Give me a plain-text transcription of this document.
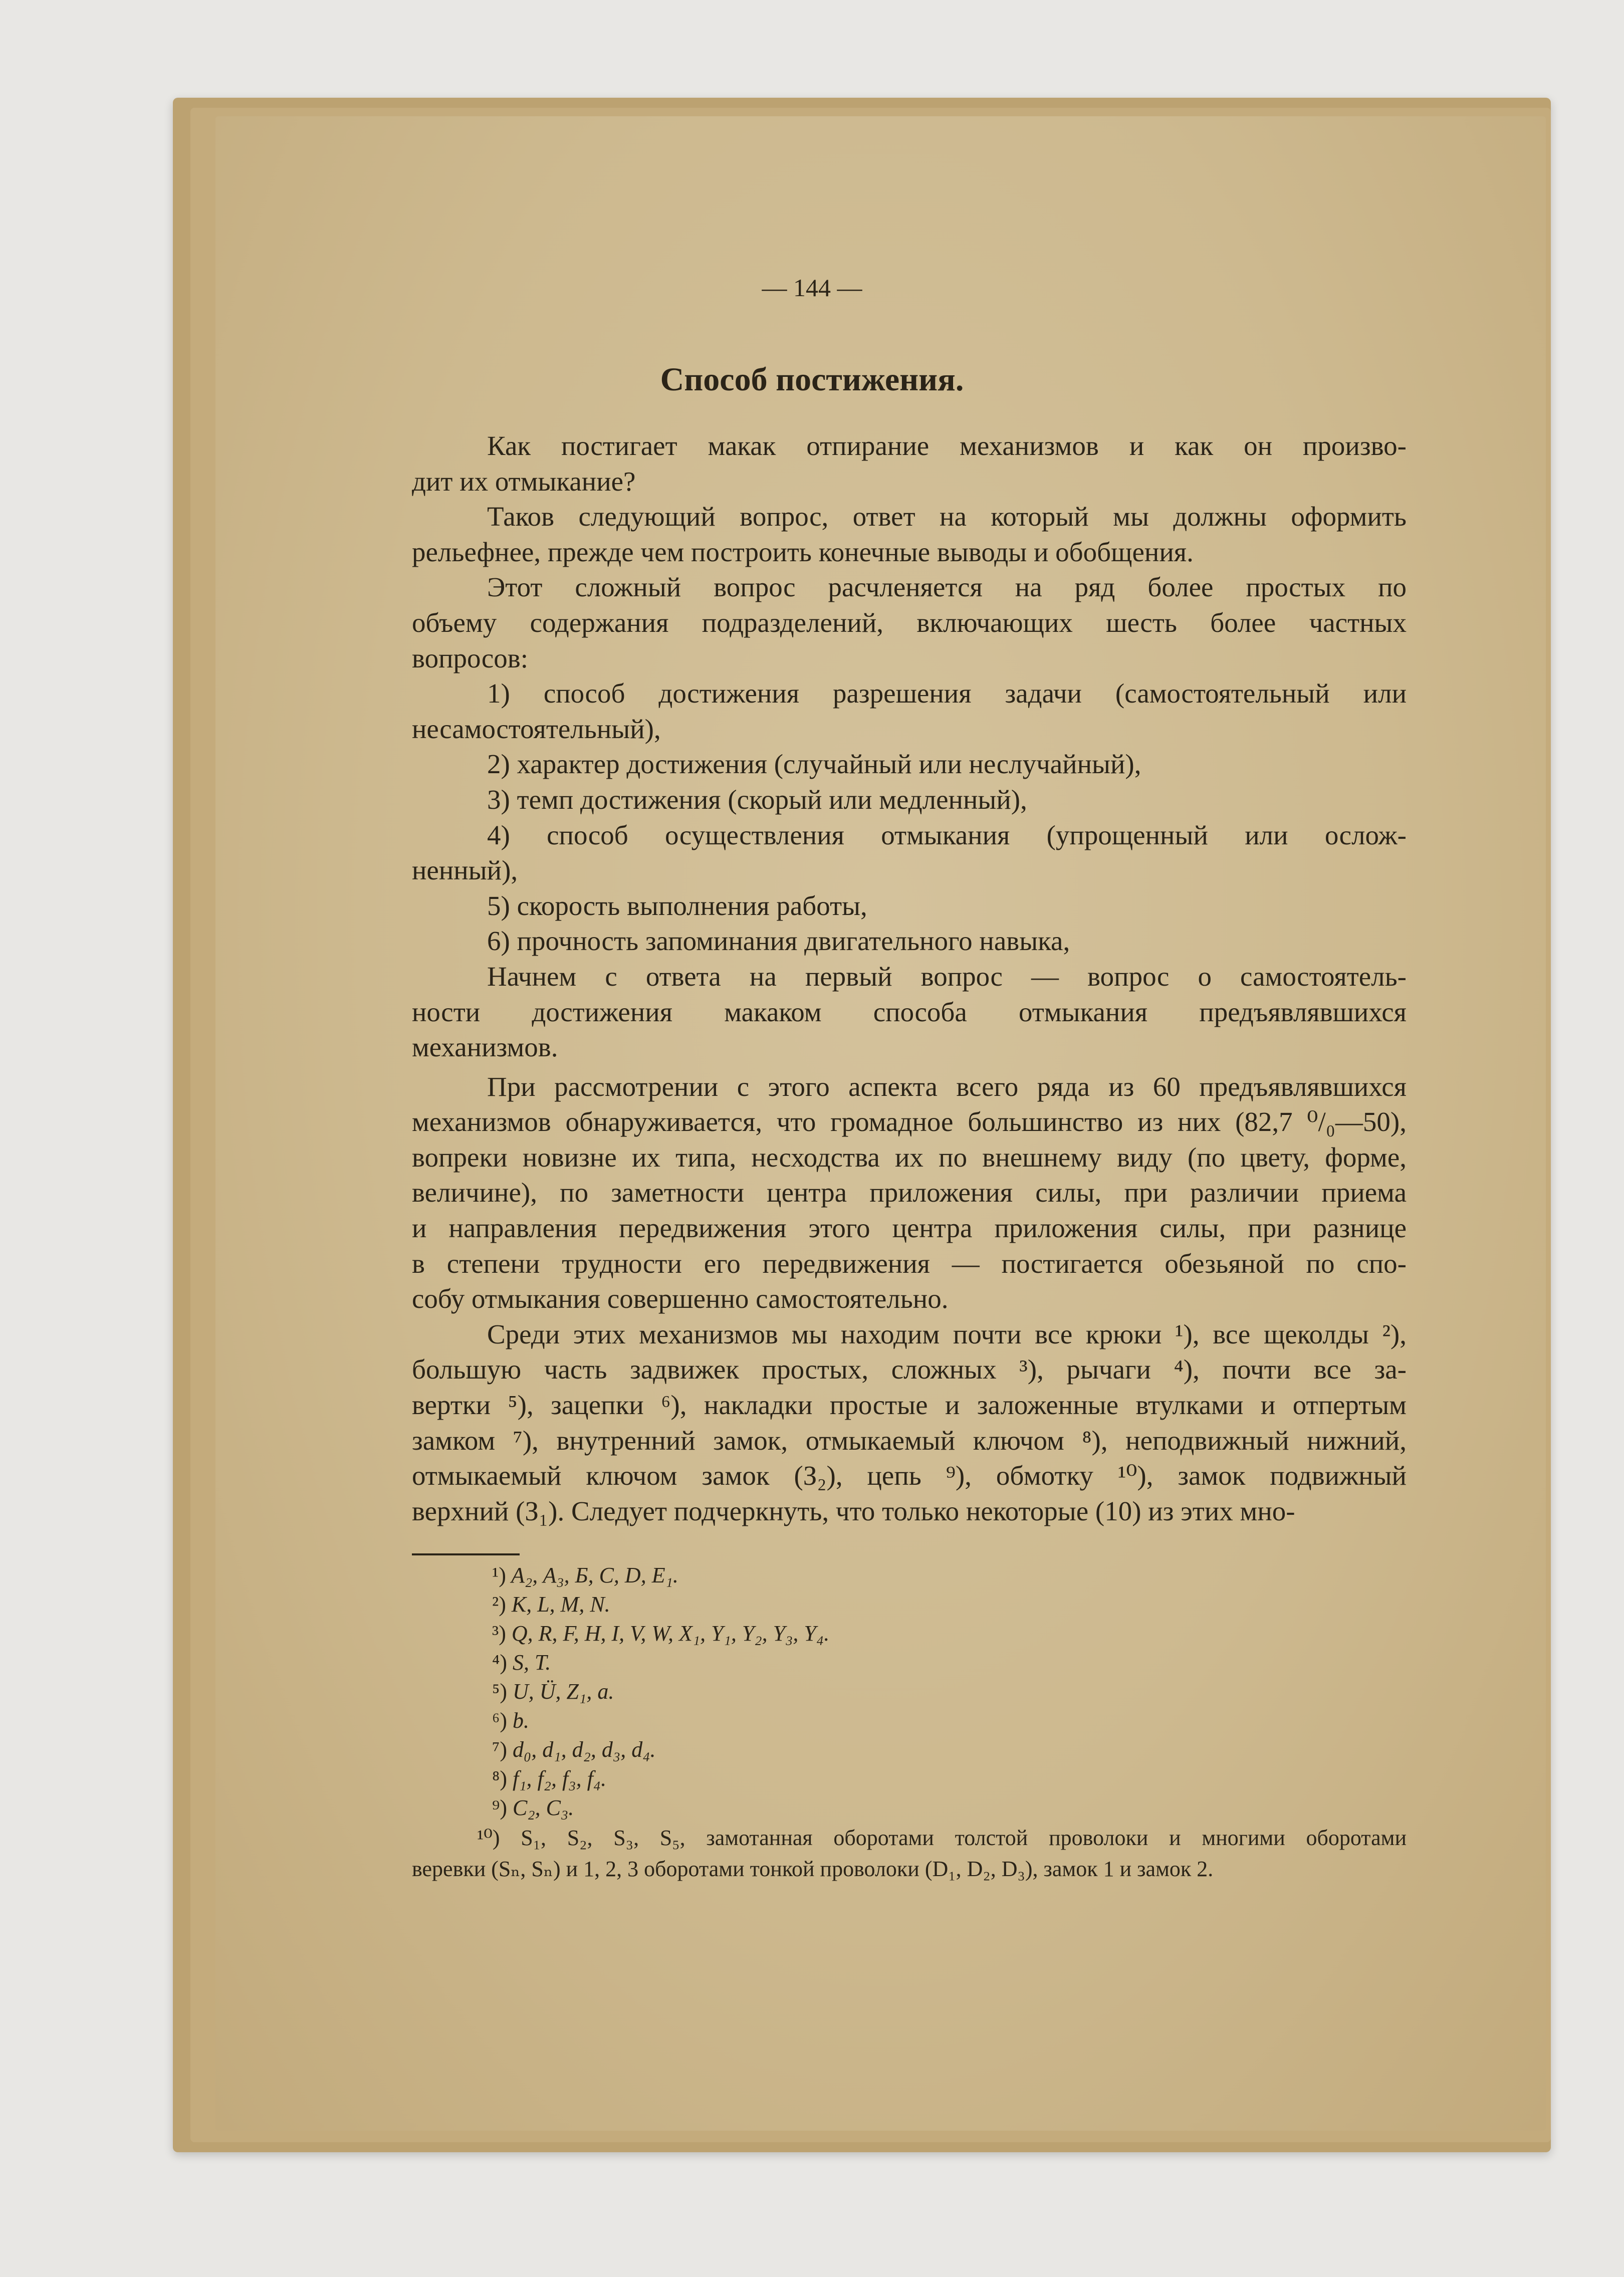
— 144 —
Способ постижения.
Как постигает макак отпирание механизмов и как он произво-
дит их отмыкание?
Таков следующий вопрос, ответ на который мы должны оформить
рельефнее, прежде чем построить конечные выводы и обобщения.
Этот сложный вопрос расчленяется на ряд более простых по
объему содержания подразделений, включающих шесть более частных
вопросов:
1) способ достижения разрешения задачи (самостоятельный или
несамостоятельный),
2) характер достижения (случайный или неслучайный),
3) темп достижения (скорый или медленный),
4) способ осуществления отмыкания (упрощенный или ослож-
ненный),
5) скорость выполнения работы,
6) прочность запоминания двигательного навыка,
Начнем с ответа на первый вопрос — вопрос о самостоятель-
ности достижения макаком способа отмыкания предъявлявшихся
механизмов.
При рассмотрении с этого аспекта всего ряда из 60 предъявлявшихся
механизмов обнаруживается, что громадное большинство из них (82,7 ⁰/₀—50),
вопреки новизне их типа, несходства их по внешнему виду (по цвету, форме,
величине), по заметности центра приложения силы, при различии приема
и направления передвижения этого центра приложения силы, при разнице
в степени трудности его передвижения — постигается обезьяной по спо-
собу отмыкания совершенно самостоятельно.
Среди этих механизмов мы находим почти все крюки ¹), все щеколды ²),
большую часть задвижек простых, сложных ³), рычаги ⁴), почти все за-
вертки ⁵), зацепки ⁶), накладки простые и заложенные втулками и отпертым
замком ⁷), внутренний замок, отмыкаемый ключом ⁸), неподвижный нижний,
отмыкаемый ключом замок (З₂), цепь ⁹), обмотку ¹⁰), замок подвижный
верхний (З₁). Следует подчеркнуть, что только некоторые (10) из этих мно-
¹) A₂, A₃, Б, C, D, E₁.
²) K, L, M, N.
³) Q, R, F, H, I, V, W, X₁, Y₁, Y₂, Y₃, Y₄.
⁴) S, T.
⁵) U, Ü, Z₁, a.
⁶) b.
⁷) d₀, d₁, d₂, d₃, d₄.
⁸) f₁, f₂, f₃, f₄.
⁹) C₂, C₃.
¹⁰) S₁, S₂, S₃, S₅, замотанная оборотами толстой проволоки и многими оборотами
веревки (Sₙ, Sₙ) и 1, 2, 3 оборотами тонкой проволоки (D₁, D₂, D₃), замок 1 и замок 2.
